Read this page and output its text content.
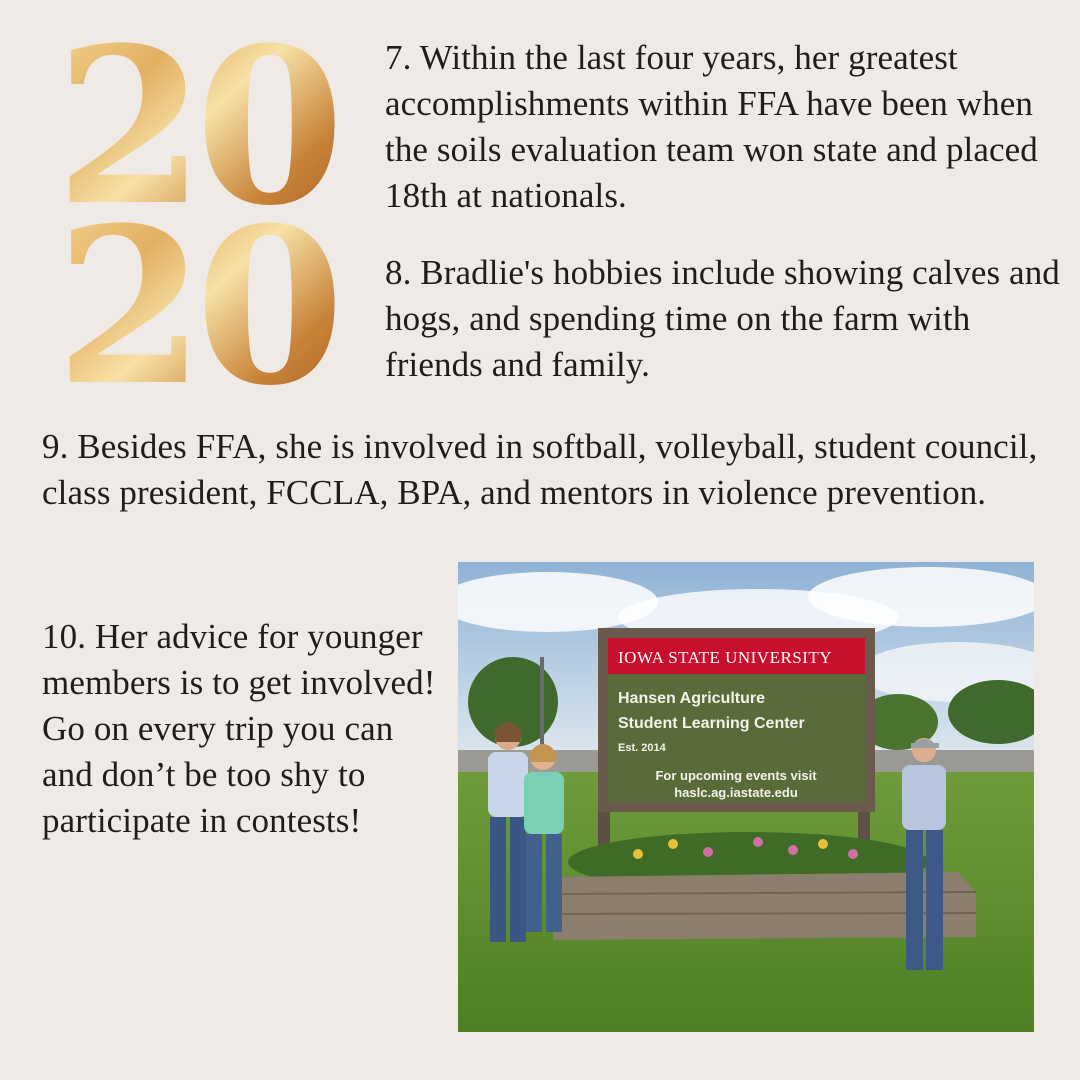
20
20

7. Within the last four years, her greatest accomplishments within FFA have been when the soils evaluation team won state and placed 18th at nationals.

8. Bradlie's hobbies include showing calves and hogs, and spending time on the farm with friends and family.

9. Besides FFA, she is involved in softball, volleyball, student council, class president, FCCLA, BPA, and mentors in violence prevention.

10. Her advice for younger members is to get involved! Go on every trip you can and don’t be too shy to participate in contests!

IOWA STATE UNIVERSITY
Hansen Agriculture
Student Learning Center
Est. 2014
For upcoming events visit
haslc.ag.iastate.edu
